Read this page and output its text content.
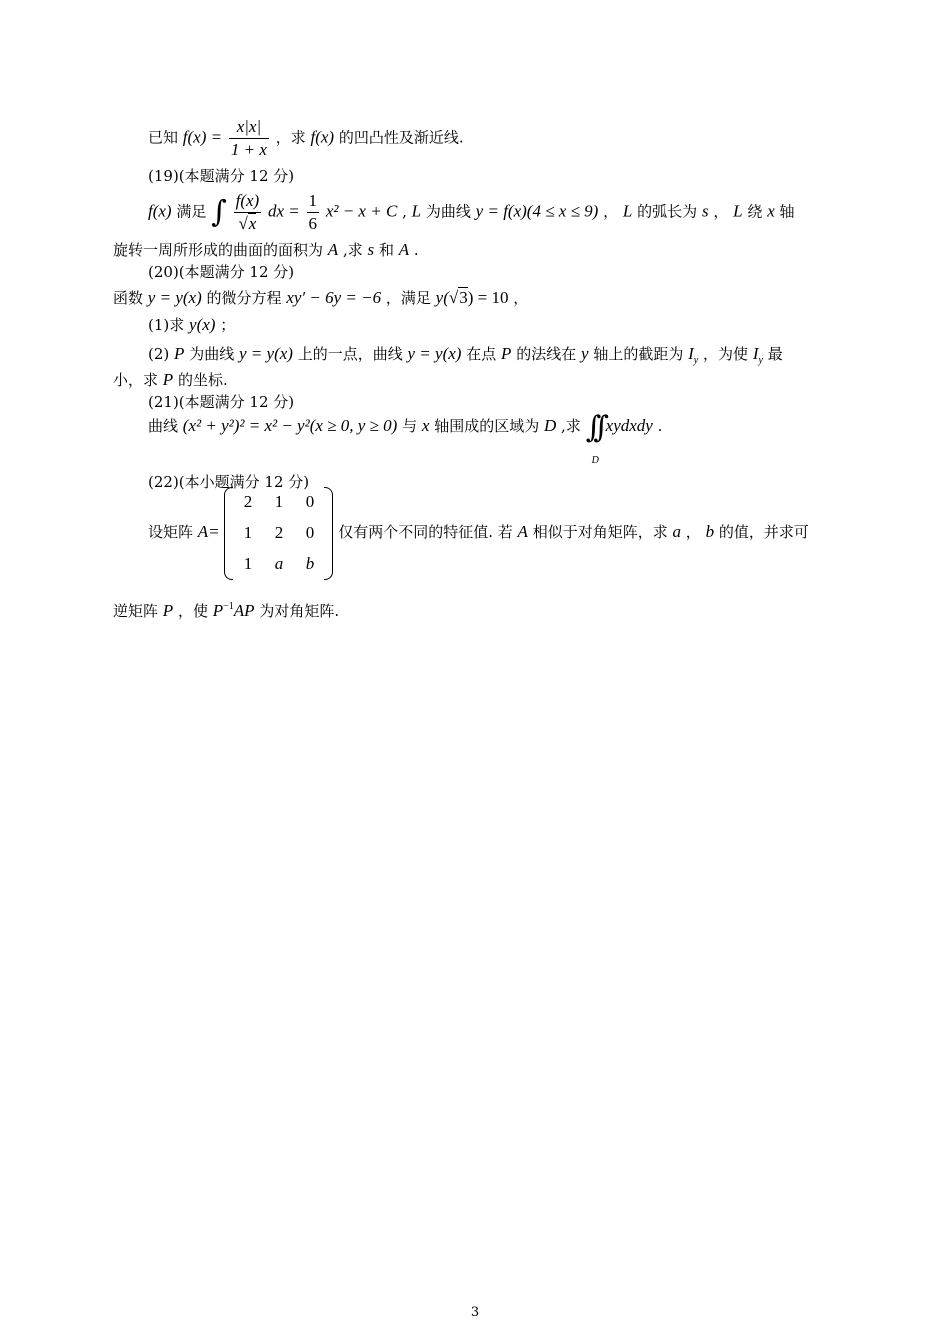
已知 $f(x) = \frac{x|x|}{1 + x}$ ，求 f(x) 的凹凸性及渐近线.
(19)(本题满分 12 分)
f(x) 满足 ∫ $\frac{f(x)}{√x}$ dx = $\frac{1}{6} x^2 - x + C$ , L 为曲线 y = f(x)(4 ≤ x ≤ 9) ， L 的弧长为 s ， L 绕 x 轴
旋转一周所形成的曲面的面积为 A ,求 s 和 A .
(20)(本题满分 12 分)
函数 y = y(x) 的微分方程 xy′ − 6y = −6 ，满足 y(√3) = 10 ，
(1)求 y(x) ；
(2) P 为曲线 y = y(x) 上的一点，曲线 y = y(x) 在点 P 的法线在 y 轴上的截距为 $I_y$ ，为使 $I_y$ 最
小，求 P 的坐标.
(21)(本题满分 12 分)
曲线 (x² + y²)² = x² − y²(x ≥ 0, y ≥ 0) 与 x 轴围成的区域为 D ,求 ∫∫
D
xydxdy .
(22)(本小题满分 12 分)
设矩阵 A=
2	1	0
1	2	0
1	a	b
仅有两个不同的特征值. 若 A 相似于对角矩阵，求 a ， b 的值，并求可
逆矩阵 P ，使 $P^{-1}AP$ 为对角矩阵.
3
